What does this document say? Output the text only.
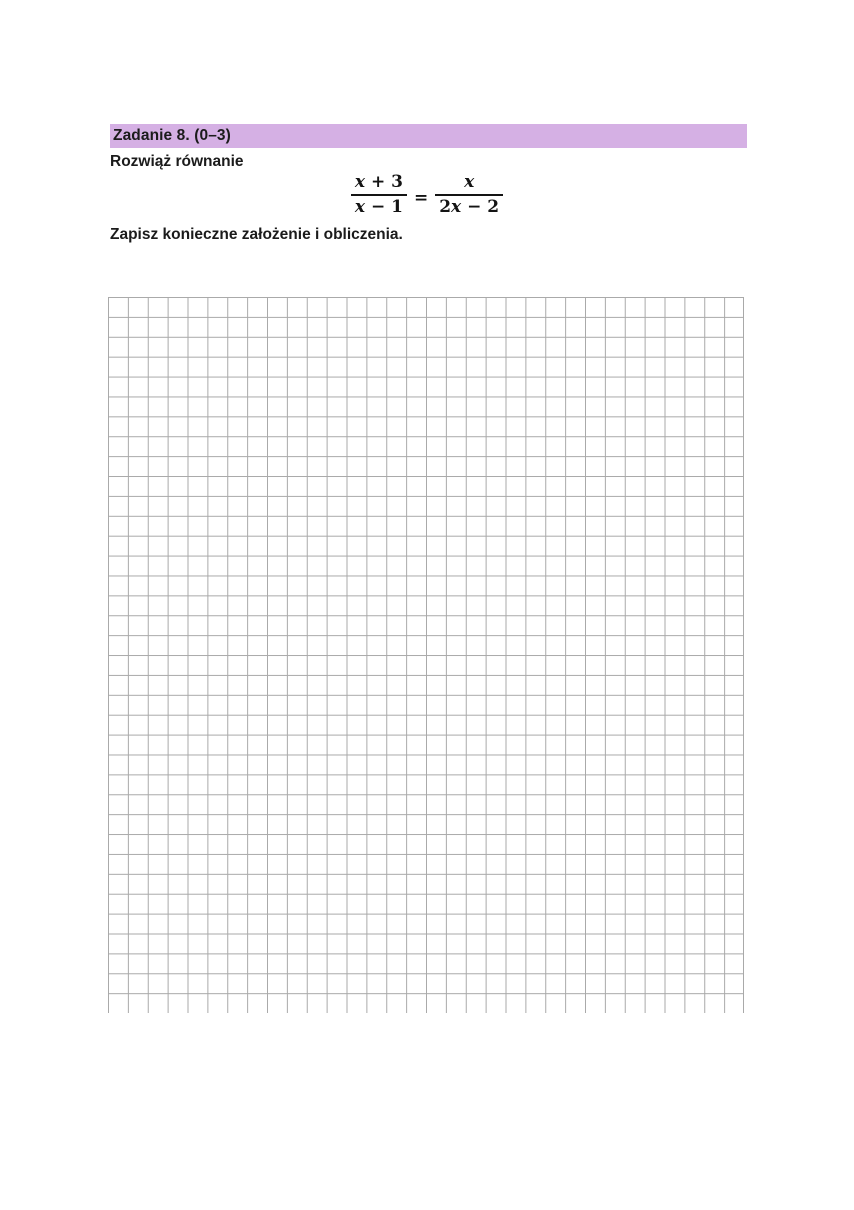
Zadanie 8. (0–3)
Rozwiąż równanie
$\frac{x + 3}{x - 1} = \frac{x}{2x - 2}$
Zapisz konieczne założenie i obliczenia.
